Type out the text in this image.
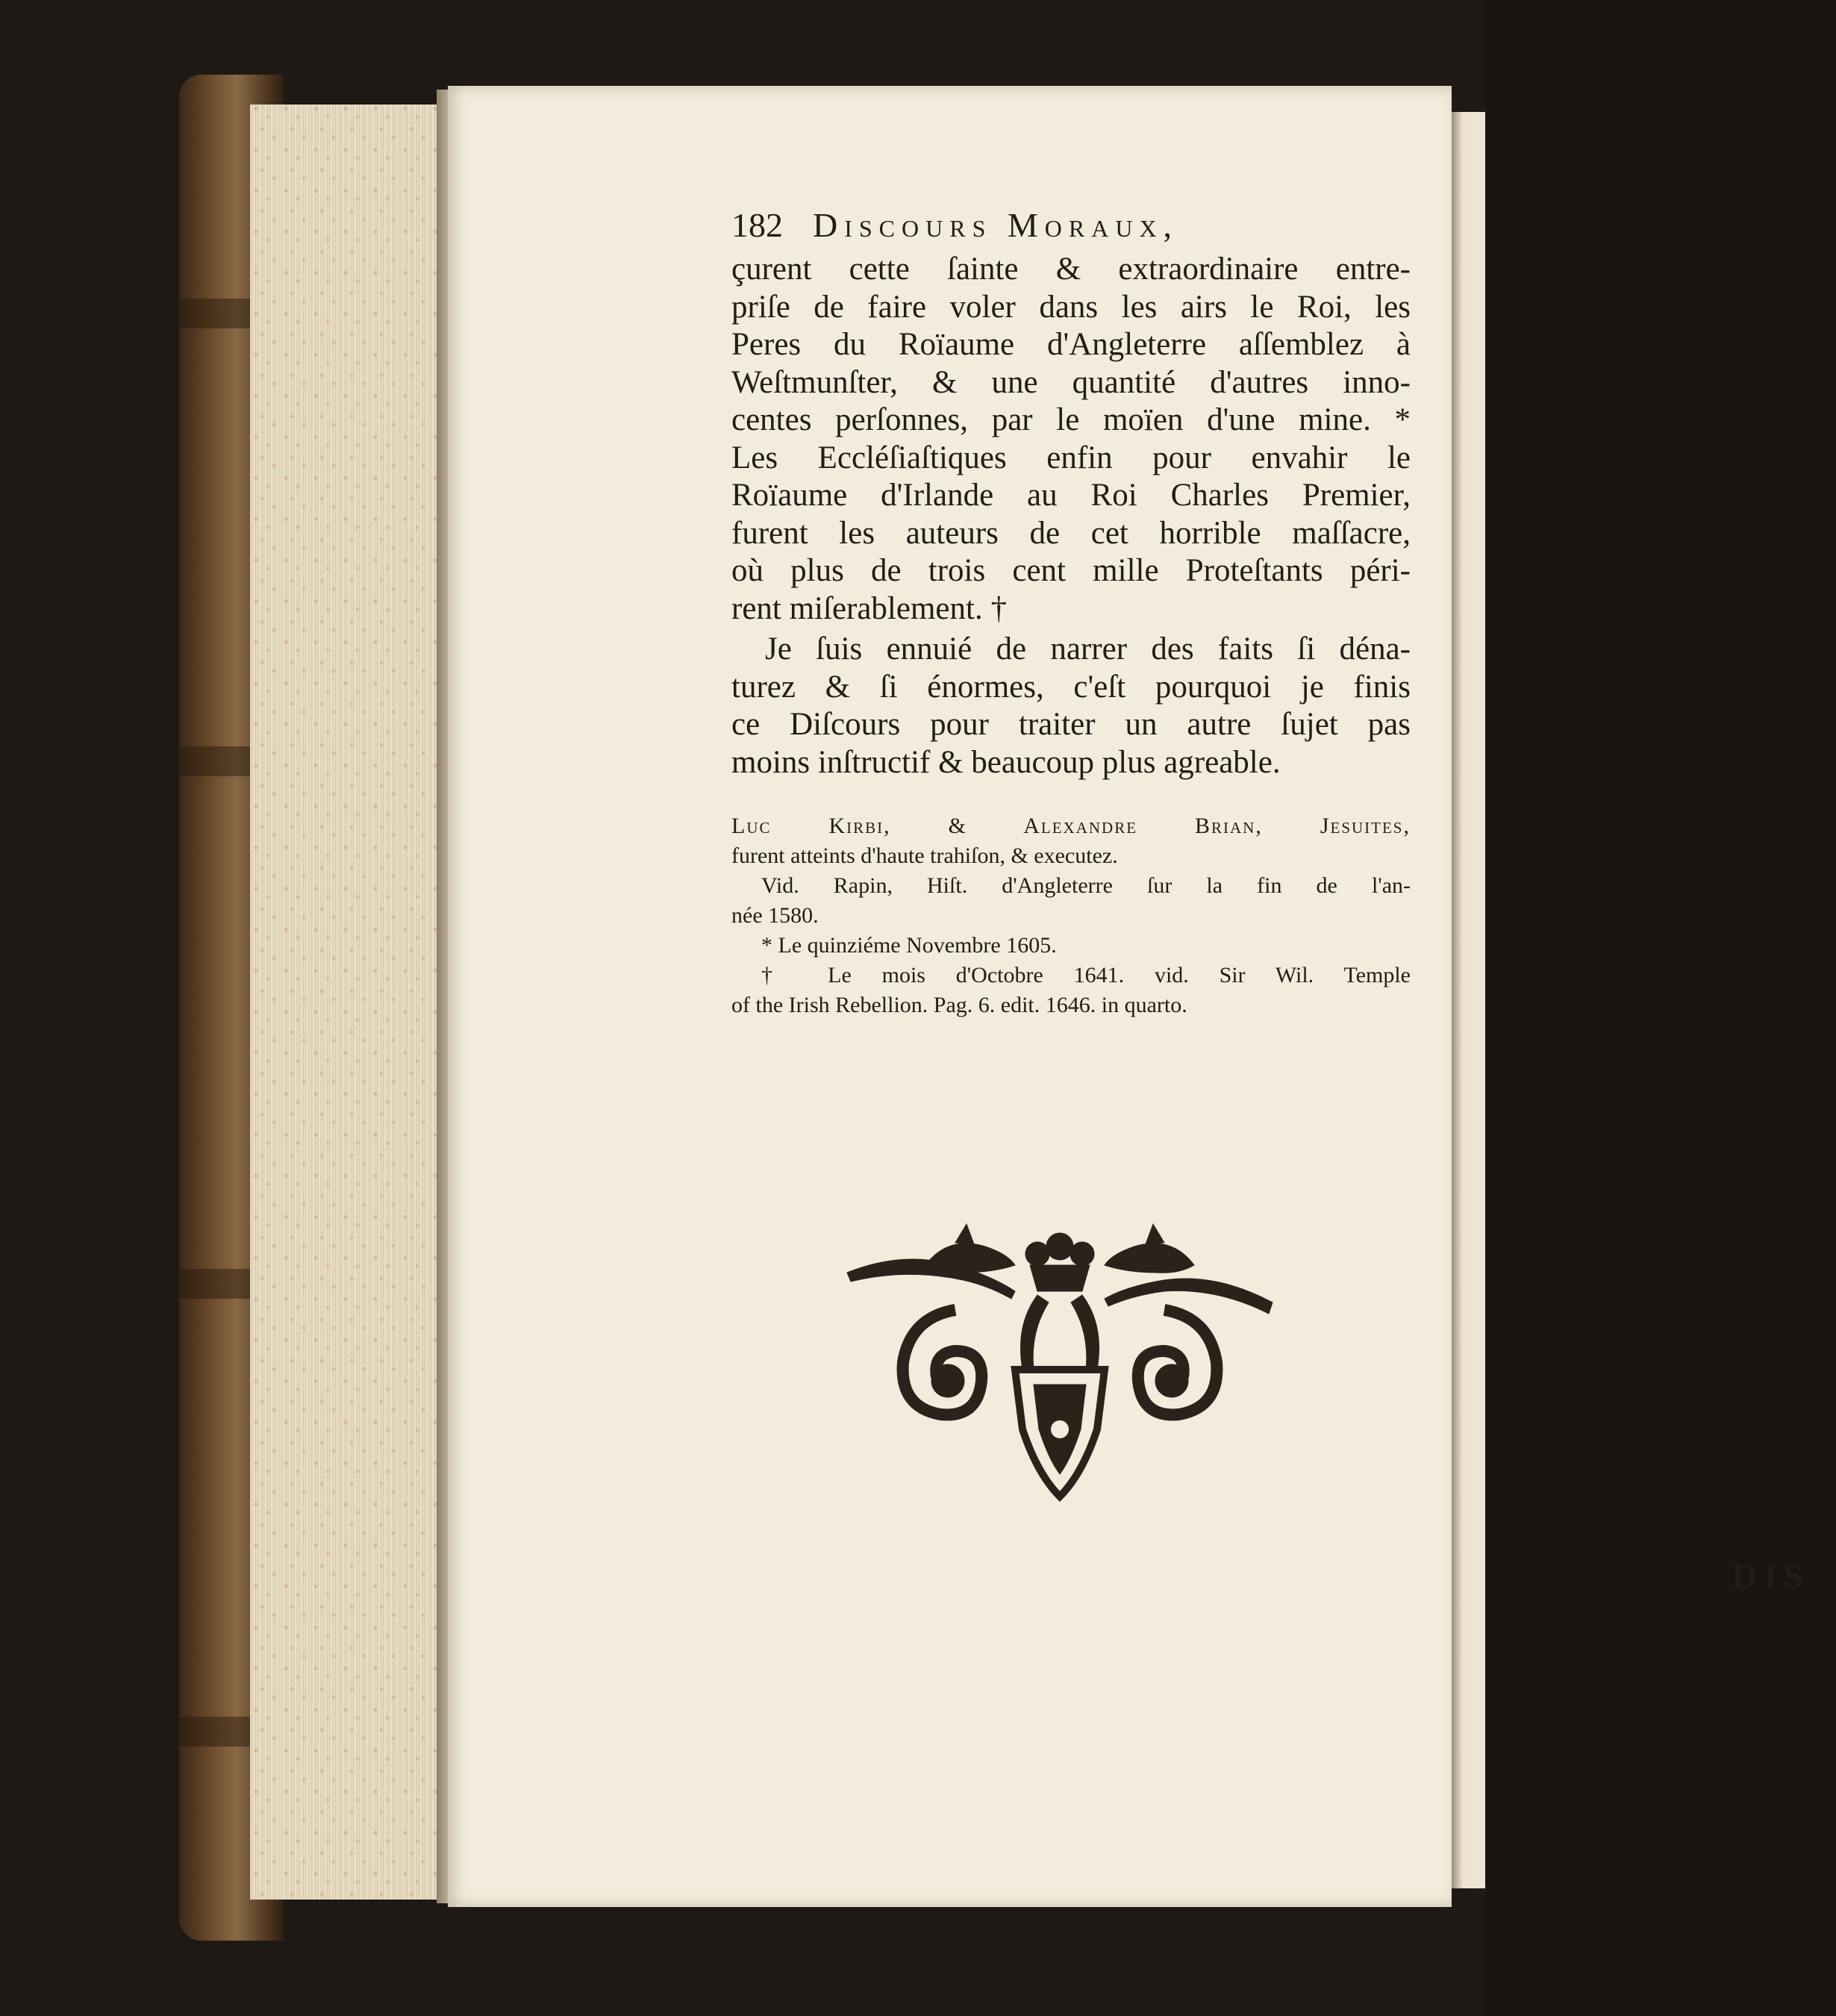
182 Discours Moraux,
çurent cette ſainte & extraordinaire entre-
priſe de faire voler dans les airs le Roi, les
Peres du Roïaume d'Angleterre aſſemblez à
Weſtmunſter, & une quantité d'autres inno-
centes perſonnes, par le moïen d'une mine. *
Les Eccléſiaſtiques enfin pour envahir le
Roïaume d'Irlande au Roi Charles Premier,
furent les auteurs de cet horrible maſſacre,
où plus de trois cent mille Proteſtants péri-
rent miſerablement. †
Je ſuis ennuié de narrer des faits ſi déna-
turez & ſi énormes, c'eſt pourquoi je finis
ce Diſcours pour traiter un autre ſujet pas
moins inſtructif & beaucoup plus agreable.
Luc Kirbi, & Alexandre Brian, Jeſuites,
furent atteints d'haute trahiſon, & executez.
Vid. Rapin, Hiſt. d'Angleterre ſur la fin de l'an-
née 1580.
* Le quinziéme Novembre 1605.
† Le mois d'Octobre 1641. vid. Sir Wil. Temple
of the Irish Rebellion. Pag. 6. edit. 1646. in quarto.
DIS
